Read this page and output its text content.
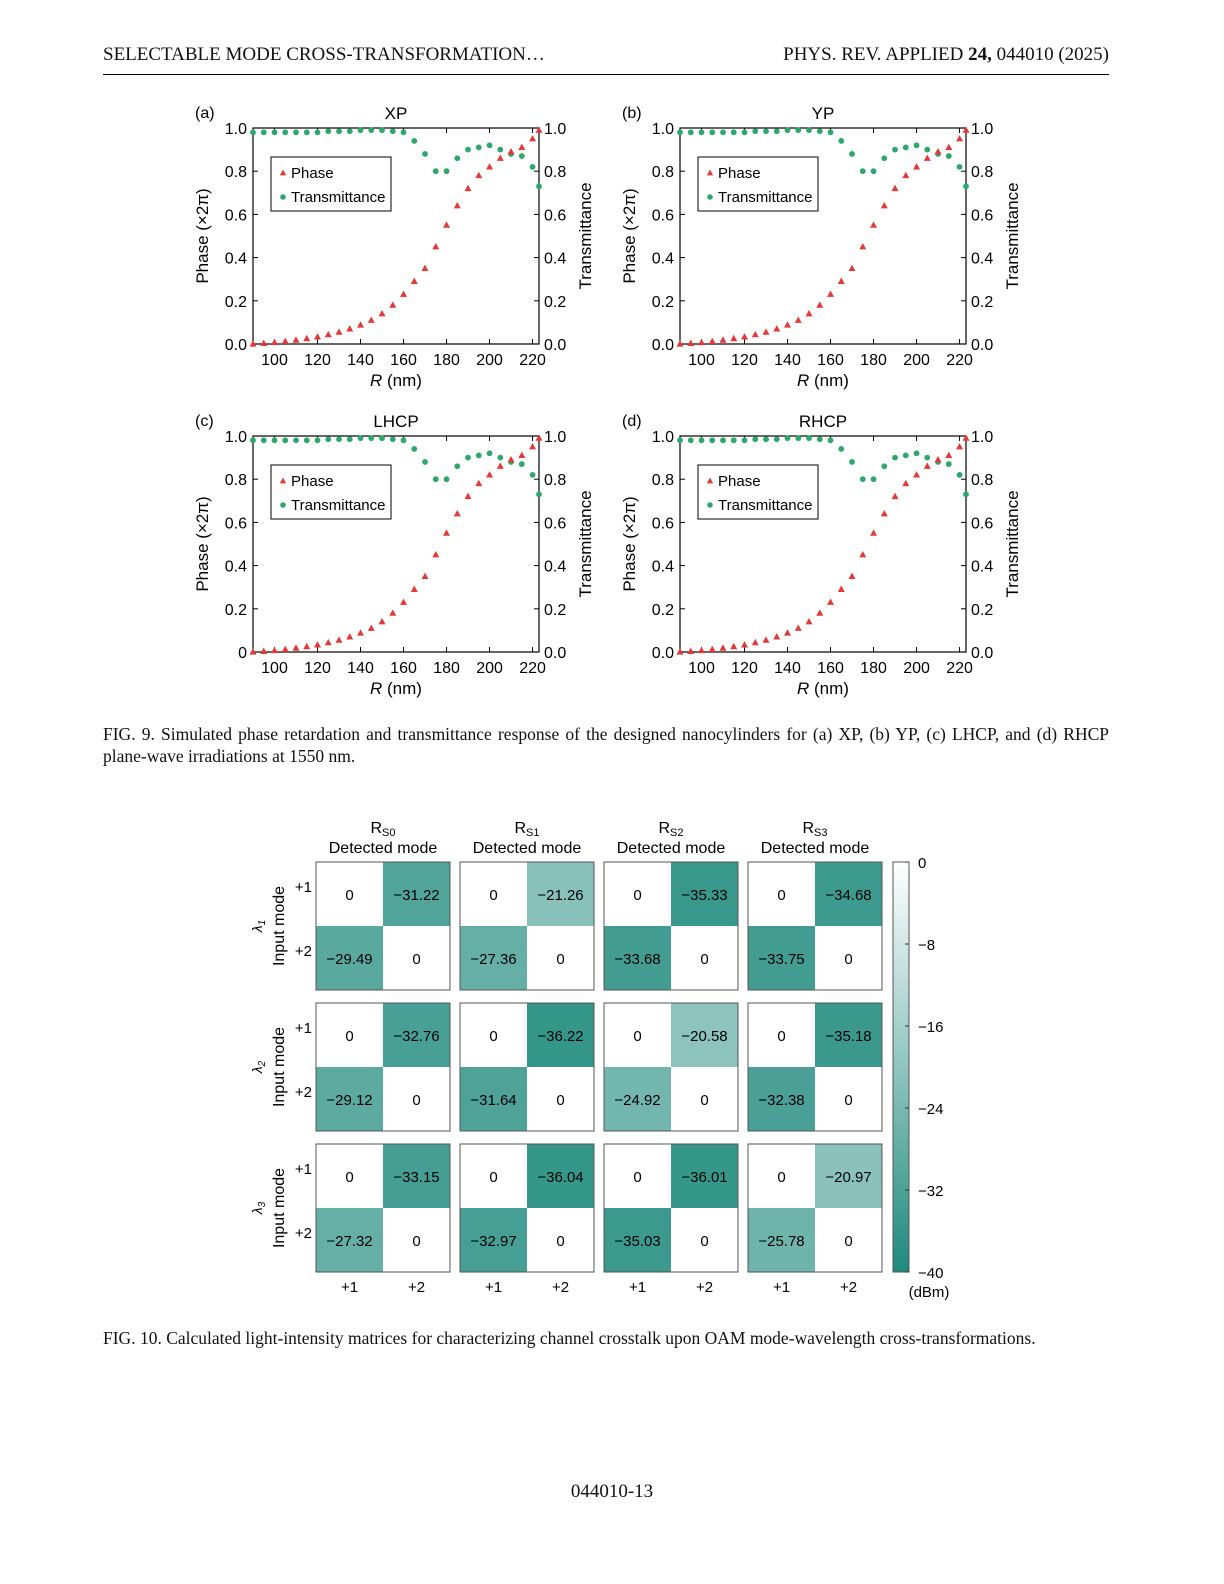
SELECTABLE MODE CROSS-TRANSFORMATION…	PHYS. REV. APPLIED 24, 044010 (2025)
(a)	XP
100 120 140 160 180 200 220
0.0
0.2
0.4
0.6
0.8
1.0
0.0
0.2
0.4
0.6
0.8
1.0
R (nm)
Phase (×2π)	Transmittance
Phase
Transmittance
(b)	YP
100 120 140 160 180 200 220
0.0
0.2
0.4
0.6
0.8
1.0
0.0
0.2
0.4
0.6
0.8
1.0
R (nm)
Phase (×2π)	Transmittance
Phase
Transmittance
(c)	LHCP
100 120 140 160 180 200 220
0
0.2
0.4
0.6
0.8
1.0
0.0
0.2
0.4
0.6
0.8
1.0
R (nm)
Phase (×2π)	Transmittance
Phase
Transmittance
(d)	RHCP
100 120 140 160 180 200 220
0.0
0.2
0.4
0.6
0.8
1.0
0.0
0.2
0.4
0.6
0.8
1.0
R (nm)
Phase (×2π)	Transmittance
Phase
Transmittance
FIG. 9. Simulated phase retardation and transmittance response of the designed nanocylinders for (a) XP, (b) YP, (c) LHCP, and (d) RHCP plane-wave irradiations at 1550 nm.
RS0
Detected mode
RS1
Detected mode
RS2
Detected mode
RS3
Detected mode
Input mode
$\lambda_1$
+1
+2
0	−31.22
−29.49	0
0	−21.26
−27.36	0
0	−35.33
−33.68	0
0	−34.68
−33.75	0
Input mode
$\lambda_2$
+1
+2
0	−32.76
−29.12	0
0	−36.22
−31.64	0
0	−20.58
−24.92	0
0	−35.18
−32.38	0
Input mode
$\lambda_3$
+1
+2
0	−33.15
−27.32	0
0	−36.04
−32.97	0
0	−36.01
−35.03	0
0	−20.97
−25.78	0
+1	+2	+1	+2	+1	+2	+1	+2
0
−8
−16
−24
−32
−40
(dBm)
FIG. 10. Calculated light-intensity matrices for characterizing channel crosstalk upon OAM mode-wavelength cross-transformations.
044010-13
